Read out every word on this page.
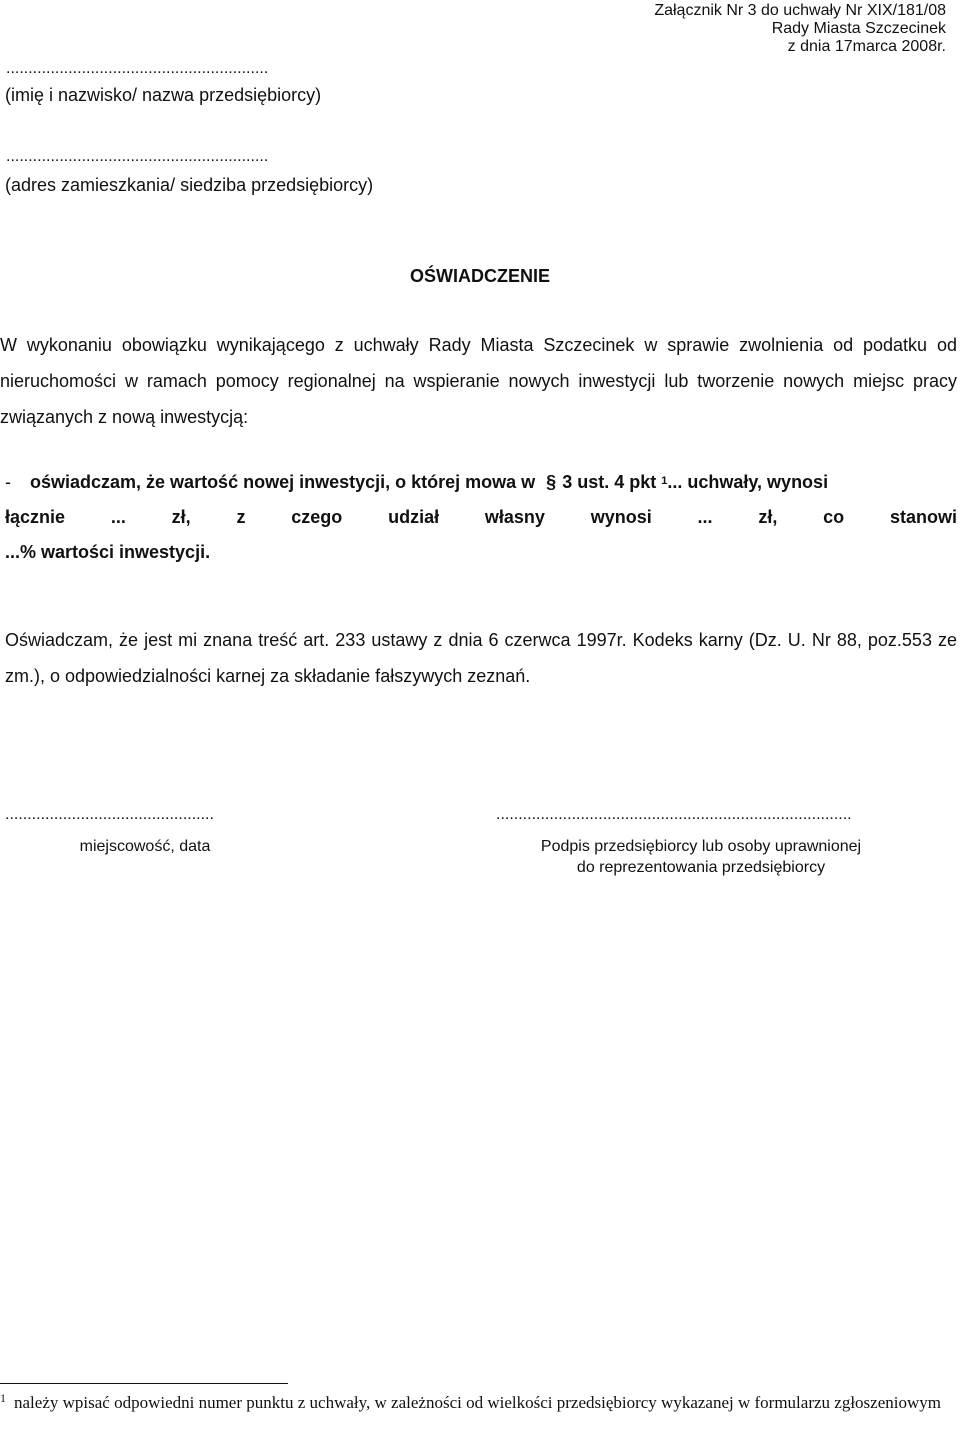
Załącznik Nr 3 do uchwały Nr XIX/181/08
Rady Miasta Szczecinek
z dnia 17marca 2008r.
...........................................................
(imię i nazwisko/ nazwa przedsiębiorcy)
...........................................................
(adres zamieszkania/ siedziba przedsiębiorcy)
OŚWIADCZENIE
W wykonaniu obowiązku wynikającego z uchwały Rady Miasta Szczecinek w sprawie zwolnienia od podatku od nieruchomości w ramach pomocy regionalnej na wspieranie nowych inwestycji lub tworzenie nowych miejsc pracy związanych z nową inwestycją:
- oświadczam, że wartość nowej inwestycji, o której mowa w § 3 ust. 4 pkt $^1$... uchwały, wynosi
łącznie ... zł, z czego udział własny wynosi ... zł, co stanowi
...% wartości inwestycji.
Oświadczam, że jest mi znana treść art. 233 ustawy z dnia 6 czerwca 1997r. Kodeks karny (Dz. U. Nr 88, poz.553 ze zm.), o odpowiedzialności karnej za składanie fałszywych zeznań.
...............................................
miejscowość, data
................................................................................
Podpis przedsiębiorcy lub osoby uprawnionej
do reprezentowania przedsiębiorcy
$^1$ należy wpisać odpowiedni numer punktu z uchwały, w zależności od wielkości przedsiębiorcy wykazanej w formularzu zgłoszeniowym
